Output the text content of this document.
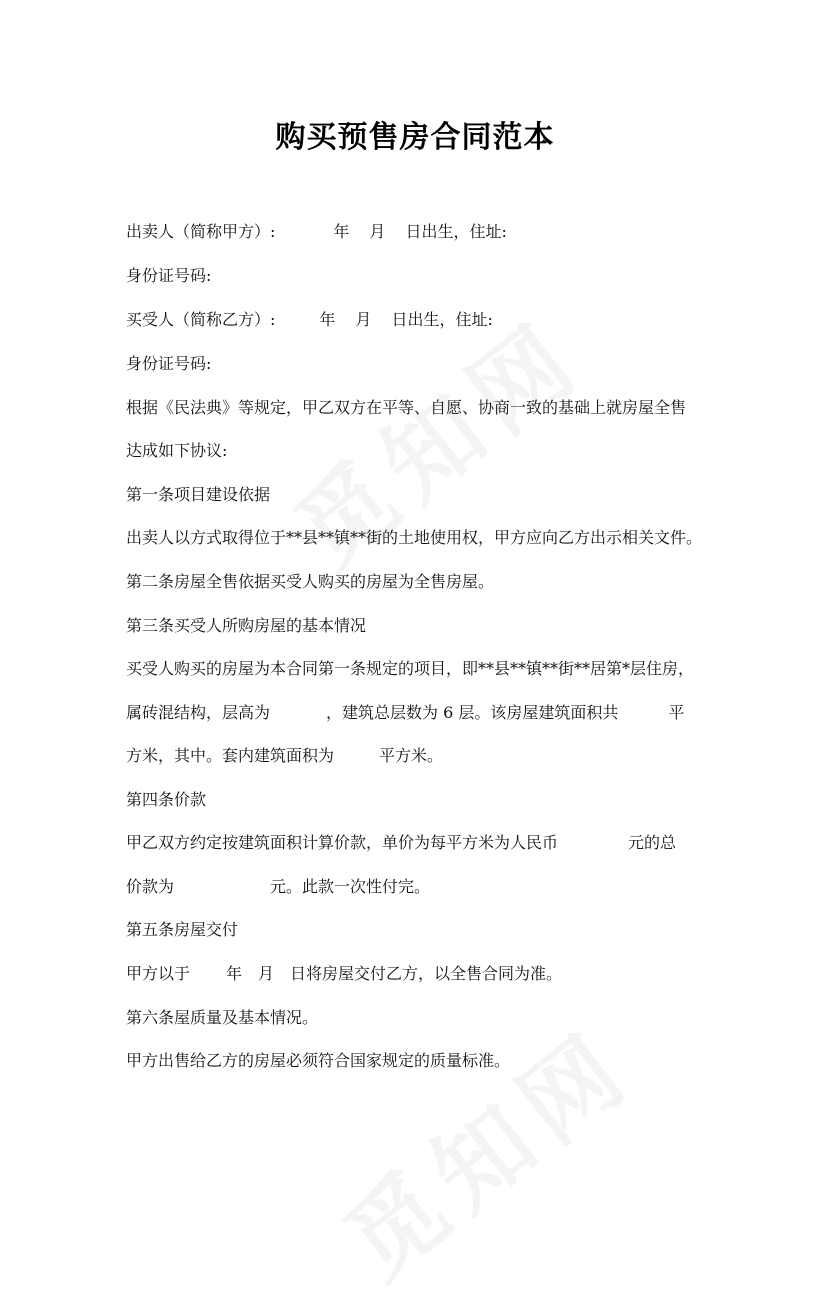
购买预售房合同范本
出卖人（简称甲方）:	年 月 日出生，住址:
身份证号码:
买受人（简称乙方）:	年 月 日出生，住址:
身份证号码:
根据《民法典》等规定，甲乙双方在平等、自愿、协商一致的基础上就房屋全售
达成如下协议:
第一条项目建设依据
出卖人以方式取得位于**县**镇**街的土地使用权，甲方应向乙方出示相关文件。
第二条房屋全售依据买受人购买的房屋为全售房屋。
第三条买受人所购房屋的基本情况
买受人购买的房屋为本合同第一条规定的项目，即**县**镇**街**居第*层住房，
属砖混结构，层高为	，建筑总层数为 6 层。该房屋建筑面积共	平
方米，其中。套内建筑面积为	平方米。
第四条价款
甲乙双方约定按建筑面积计算价款，单价为每平方米为人民币	元的总
价款为	元。此款一次性付完。
第五条房屋交付
甲方以于 年 月 日将房屋交付乙方，以全售合同为准。
第六条屋质量及基本情况。
甲方出售给乙方的房屋必须符合国家规定的质量标准。
